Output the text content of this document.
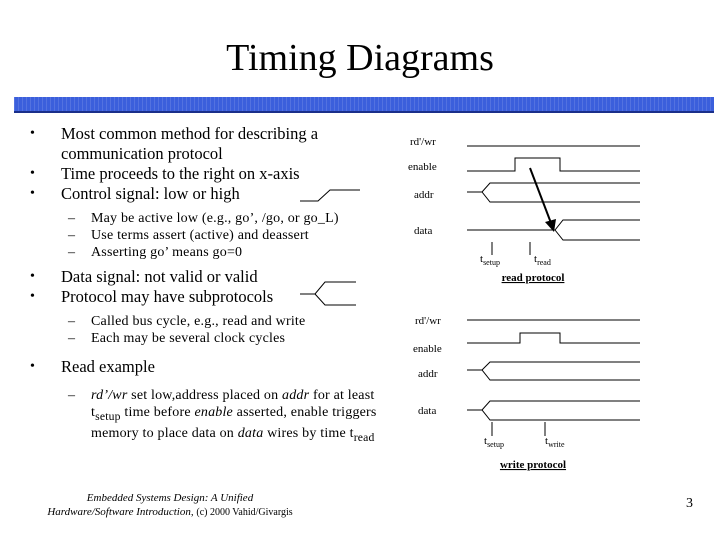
Timing Diagrams
• Most common method for describing a communication protocol
• Time proceeds to the right on x-axis
• Control signal: low or high
– May be active low (e.g., go’, /go, or go_L)
– Use terms assert (active) and deassert
– Asserting go’ means go=0
• Data signal: not valid or valid
• Protocol may have subprotocols
– Called bus cycle, e.g., read and write
– Each may be several clock cycles
• Read example
– rd’/wr set low,address placed on addr for at least $t_{setup}$ time before enable asserted, enable triggers memory to place data on data wires by time $t_{read}$
rd'/wr
enable
addr
data
$t_{setup}$	$t_{read}$
read protocol
rd'/wr
enable
addr
data
$t_{setup}$	$t_{write}$
write protocol
Embedded Systems Design: A Unified
Hardware/Software Introduction, (c) 2000 Vahid/Givargis
3
